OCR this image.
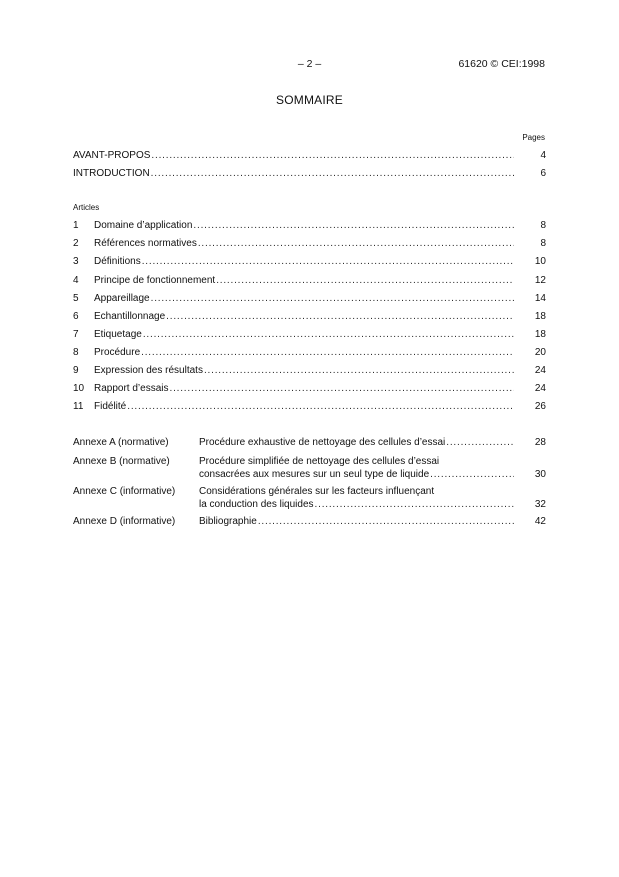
– 2 –	61620 © CEI:1998
SOMMAIRE
Pages
AVANT-PROPOS .....	4
INTRODUCTION .....	6
Articles
1	Domaine d’application .....	8
2	Références normatives .....	8
3	Définitions .....	10
4	Principe de fonctionnement .....	12
5	Appareillage .....	14
6	Echantillonnage .....	18
7	Etiquetage .....	18
8	Procédure .....	20
9	Expression des résultats .....	24
10 Rapport d’essais .....	24
11	Fidélité .....	26
Annexe A (normative)	Procédure exhaustive de nettoyage des cellules d’essai .....	28
Annexe B (normative)	Procédure simplifiée de nettoyage des cellules d’essai
consacrées aux mesures sur un seul type de liquide .....	30
Annexe C (informative)	Considérations générales sur les facteurs influençant
la conduction des liquides .....	32
Annexe D (informative)	Bibliographie .....	42
